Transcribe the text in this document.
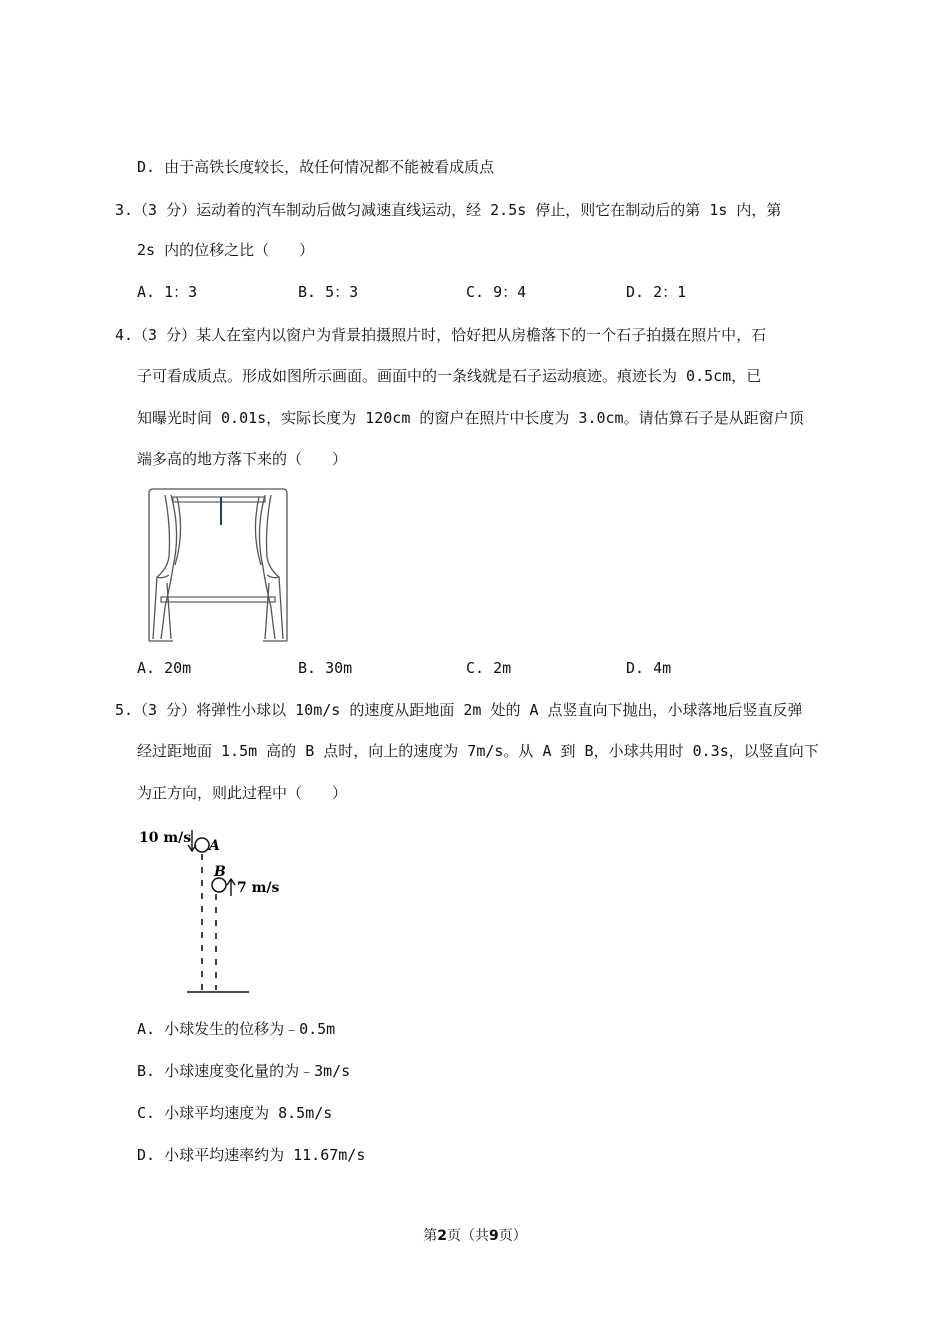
D. 由于高铁长度较长，故任何情况都不能被看成质点
3.（3 分）运动着的汽车制动后做匀减速直线运动，经 2.5s 停止，则它在制动后的第 1s 内，第
2s 内的位移之比（　　）
A. 1：3	B. 5：3	C. 9：4	D. 2：1
4.（3 分）某人在室内以窗户为背景拍摄照片时，恰好把从房檐落下的一个石子拍摄在照片中，石
子可看成质点。形成如图所示画面。画面中的一条线就是石子运动痕迹。痕迹长为 0.5cm，已
知曝光时间 0.01s，实际长度为 120cm 的窗户在照片中长度为 3.0cm。请估算石子是从距窗户顶
端多高的地方落下来的（　　）
A. 20m	B. 30m	C. 2m	D. 4m
5.（3 分）将弹性小球以 10m/s 的速度从距地面 2m 处的 A 点竖直向下抛出，小球落地后竖直反弹
经过距地面 1.5m 高的 B 点时，向上的速度为 7m/s。从 A 到 B，小球共用时 0.3s，以竖直向下
为正方向，则此过程中（　　）
10 m/s A
B
7 m/s
A. 小球发生的位移为﹣0.5m
B. 小球速度变化量的为﹣3m/s
C. 小球平均速度为 8.5m/s
D. 小球平均速率约为 11.67m/s
第2页（共9页）
